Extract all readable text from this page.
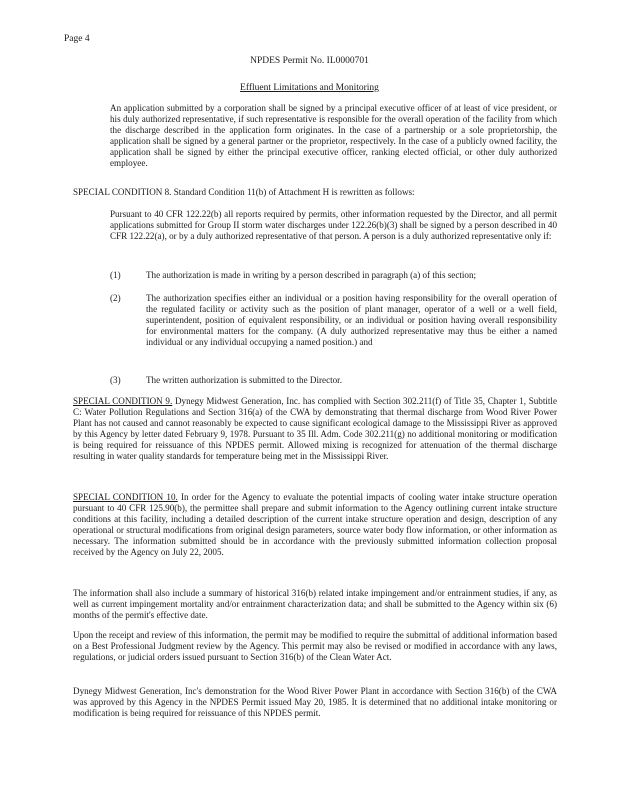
Page 4
NPDES Permit No. IL0000701
Effluent Limitations and Monitoring

An application submitted by a corporation shall be signed by a principal executive officer of at least of vice president, or his duly authorized representative, if such representative is responsible for the overall operation of the facility from which the discharge described in the application form originates. In the case of a partnership or a sole proprietorship, the application shall be signed by a general partner or the proprietor, respectively. In the case of a publicly owned facility, the application shall be signed by either the principal executive officer, ranking elected official, or other duly authorized employee.

SPECIAL CONDITION 8. Standard Condition 11(b) of Attachment H is rewritten as follows:

Pursuant to 40 CFR 122.22(b) all reports required by permits, other information requested by the Director, and all permit applications submitted for Group II storm water discharges under 122.26(b)(3) shall be signed by a person described in 40 CFR 122.22(a), or by a duly authorized representative of that person. A person is a duly authorized representative only if:

(1)	The authorization is made in writing by a person described in paragraph (a) of this section;

(2)	The authorization specifies either an individual or a position having responsibility for the overall operation of the regulated facility or activity such as the position of plant manager, operator of a well or a well field, superintendent, position of equivalent responsibility, or an individual or position having overall responsibility for environmental matters for the company. (A duly authorized representative may thus be either a named individual or any individual occupying a named position.) and

(3)	The written authorization is submitted to the Director.

SPECIAL CONDITION 9. Dynegy Midwest Generation, Inc. has complied with Section 302.211(f) of Title 35, Chapter 1, Subtitle C: Water Pollution Regulations and Section 316(a) of the CWA by demonstrating that thermal discharge from Wood River Power Plant has not caused and cannot reasonably be expected to cause significant ecological damage to the Mississippi River as approved by this Agency by letter dated February 9, 1978. Pursuant to 35 Ill. Adm. Code 302.211(g) no additional monitoring or modification is being required for reissuance of this NPDES permit. Allowed mixing is recognized for attenuation of the thermal discharge resulting in water quality standards for temperature being met in the Mississippi River.

SPECIAL CONDITION 10. In order for the Agency to evaluate the potential impacts of cooling water intake structure operation pursuant to 40 CFR 125.90(b), the permittee shall prepare and submit information to the Agency outlining current intake structure conditions at this facility, including a detailed description of the current intake structure operation and design, description of any operational or structural modifications from original design parameters, source water body flow information, or other information as necessary. The information submitted should be in accordance with the previously submitted information collection proposal received by the Agency on July 22, 2005.

The information shall also include a summary of historical 316(b) related intake impingement and/or entrainment studies, if any, as well as current impingement mortality and/or entrainment characterization data; and shall be submitted to the Agency within six (6) months of the permit's effective date.

Upon the receipt and review of this information, the permit may be modified to require the submittal of additional information based on a Best Professional Judgment review by the Agency. This permit may also be revised or modified in accordance with any laws, regulations, or judicial orders issued pursuant to Section 316(b) of the Clean Water Act.

Dynegy Midwest Generation, Inc's demonstration for the Wood River Power Plant in accordance with Section 316(b) of the CWA was approved by this Agency in the NPDES Permit issued May 20, 1985. It is determined that no additional intake monitoring or modification is being required for reissuance of this NPDES permit.
